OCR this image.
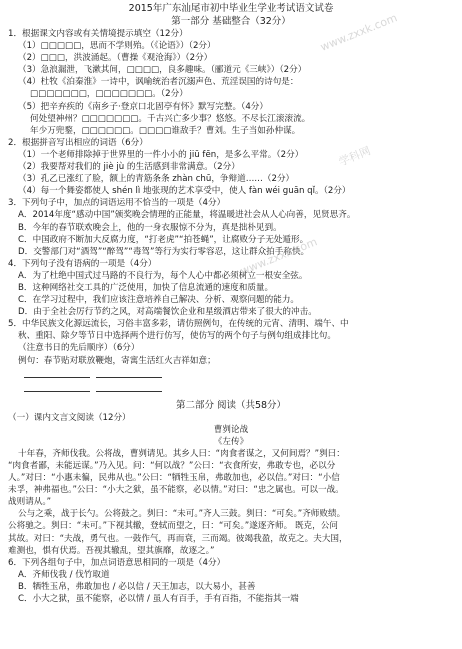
2015年广东汕尾市初中毕业生学业考试语文试卷
第一部分 基础整合（32分）
1．根据课文内容或有关情境提示填空（12分）
（1）□□□□□，思而不学则殆。（《论语》）（2分）
（2）□□□，洪波涌起。（曹操《观沧海》）（2分）
（3）急浪漏泄，飞漱其间，□□□□，良多趣味。（郦道元《三峡》）（2分）
（4）杜牧《泊秦淮》一诗中，讽喻统治者沉溺声色、荒淫误国的诗句是：
□□□□□□□，□□□□□□□。（2分）
（5）把辛弃疾的《南乡子·登京口北固亭有怀》默写完整。（4分）
何处望神州？□□□□□□□。千古兴亡多少事？悠悠。不尽长江滚滚流。
年少万兜鍪，□□□□□□。□□□□谁敌手？曹刘。生子当如孙仲谋。
2．根据拼音写出相应的词语（6分）
（1）一个老师排除掉于世界里的一件小小的 jiū fēn，是多么平常。（2分）
（2）我要帮对我们的 jiè jù 的生活感到非常满意。（2分）
（3）孔乙已涨红了脸，额上的青筋条条 zhàn chū，争辩道……（2分）
（4）每一个舞姿都使人 shén lì 地张现的艺术享受中，使人 fàn wéi guān qǐ。（2分）
3．下列句子中，加点的词语运用不恰当的一项是（4分）
A．2014年度“感动中国”颁奖晚会情理的正能量，将温暖进社会从人心向善，见贤思齐。
B．今年的春节联欢晚会上，他的一身衣服惊不分为，真是拙朴见到。
C．中国政府不断加大反腐力度，“打老虎”“拍苍蝇”，让腐败分子无处遁形。
D．交警部门对“酒驾”“醉驾”“毒驾”等行为实行零容忍，这让群众拍手称快。
4．下列句子没有语病的一项是（4分）
A．为了杜绝中国式过马路的不良行为，每个人心中都必须树立一根安全弦。
B．这种网络社交工具的广泛使用，加快了信息流通的速度和质量。
C．在学习过程中，我们应该注意培养自己解决、分析、观察问题的能力。
D．由于全社会厉行节约之风，对高端餐饮企业和星级酒店带来了很大的冲击。
5．中华民族文化源远流长，习俗丰富多彩，请仿照例句，在传统的元宵、清明、端午、中
秋、重阳、除夕等节日中选择两个进行仿写，使仿写的两个句子与例句组成排比句。
（注意书日的先后顺序）（6分）
例句：春节贴对联放鞭炮，寄寓生活红火吉祥如意；
第二部分 阅读（共58分）
（一）课内文言文阅读（12分）
曹刿论战
《左传》
十年春，齐师伐我。公将战，曹刿请见。其乡人曰：“肉食者谋之，又何间焉？”刿曰：
“肉食者鄙，未能远谋。”乃入见。问：“何以战？”公曰：“衣食所安，弗敢专也，必以分
人。”对曰：“小惠未徧，民弗从也。”公曰：“牺牲玉帛，弗敢加也，必以信。”对曰：“小信
未孚，神弗福也。”公曰：“小大之狱，虽不能察，必以情。”对曰：“忠之属也。可以一战。
战则请从。”
公与之乘，战于长勺。公将鼓之。刿曰：“未可。”齐人三鼓。刿曰：“可矣。”齐师败绩。
公将驰之。刿曰：“未可。”下视其辙，登轼而望之，曰：“可矣。”遂逐齐师。 既克，公问
其故。对曰：“夫战，勇气也。一鼓作气，再而衰，三而竭。彼竭我盈，故克之。夫大国，
难测也，惧有伏焉。吾视其辙乱，望其旗靡，故逐之。”
6．下列各组句子中，加点词语意思相同的一项是（4分）
A．齐师伐我 / 伐竹取道
B．牺牲玉帛，弗敢加也 / 必以信 / 天王加志，以大易小，甚善
C．小大之狱，虽不能察，必以情 / 虽人有百手，手有百指，不能指其一端
www.zxxk.com
学科网
www.zxxk.com
